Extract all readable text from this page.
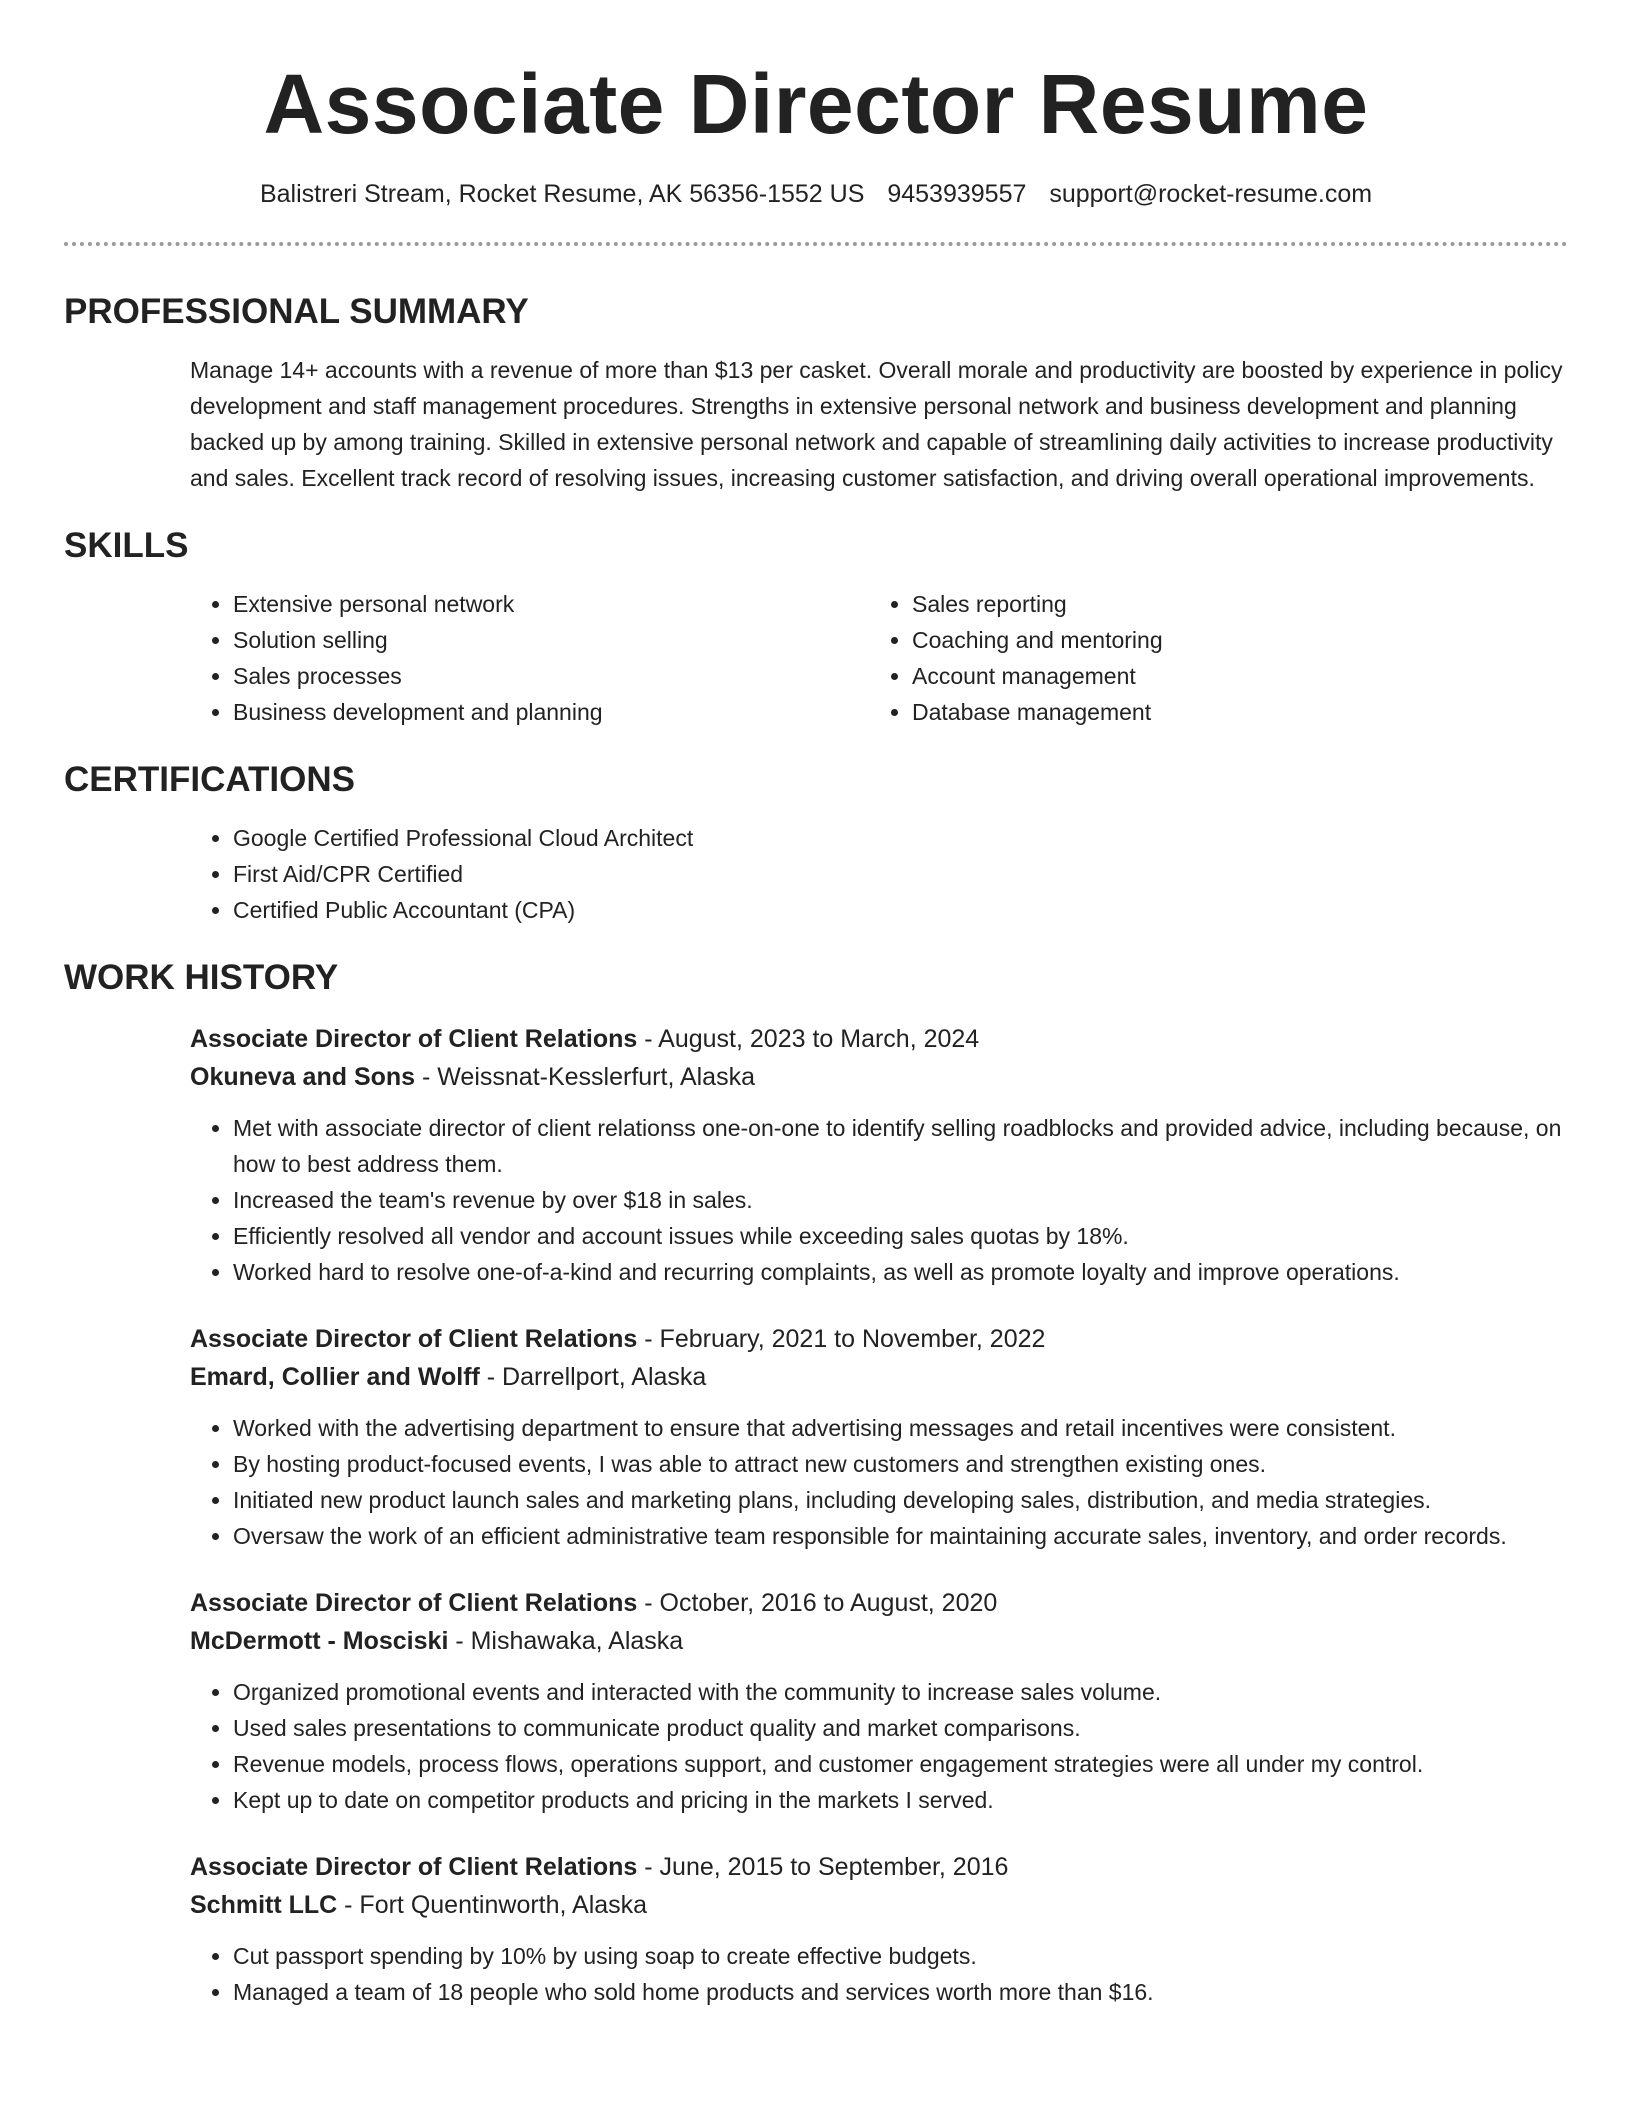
Associate Director Resume
Balistreri Stream, Rocket Resume, AK 56356-1552 US 9453939557 support@rocket-resume.com
PROFESSIONAL SUMMARY

Manage 14+ accounts with a revenue of more than $13 per casket. Overall morale and productivity are boosted by experience in policy development and staff management procedures. Strengths in extensive personal network and business development and planning backed up by among training. Skilled in extensive personal network and capable of streamlining daily activities to increase productivity and sales. Excellent track record of resolving issues, increasing customer satisfaction, and driving overall operational improvements.

SKILLS
• Extensive personal network
• Solution selling
• Sales processes
• Business development and planning
• Sales reporting
• Coaching and mentoring
• Account management
• Database management
CERTIFICATIONS
• Google Certified Professional Cloud Architect
• First Aid/CPR Certified
• Certified Public Accountant (CPA)
WORK HISTORY
Associate Director of Client Relations - August, 2023 to March, 2024
Okuneva and Sons - Weissnat-Kesslerfurt, Alaska
• Met with associate director of client relationss one-on-one to identify selling roadblocks and provided advice, including because, on how to best address them.
• Increased the team's revenue by over $18 in sales.
• Efficiently resolved all vendor and account issues while exceeding sales quotas by 18%.
• Worked hard to resolve one-of-a-kind and recurring complaints, as well as promote loyalty and improve operations.
Associate Director of Client Relations - February, 2021 to November, 2022
Emard, Collier and Wolff - Darrellport, Alaska
• Worked with the advertising department to ensure that advertising messages and retail incentives were consistent.
• By hosting product-focused events, I was able to attract new customers and strengthen existing ones.
• Initiated new product launch sales and marketing plans, including developing sales, distribution, and media strategies.
• Oversaw the work of an efficient administrative team responsible for maintaining accurate sales, inventory, and order records.
Associate Director of Client Relations - October, 2016 to August, 2020
McDermott - Mosciski - Mishawaka, Alaska
• Organized promotional events and interacted with the community to increase sales volume.
• Used sales presentations to communicate product quality and market comparisons.
• Revenue models, process flows, operations support, and customer engagement strategies were all under my control.
• Kept up to date on competitor products and pricing in the markets I served.
Associate Director of Client Relations - June, 2015 to September, 2016
Schmitt LLC - Fort Quentinworth, Alaska
• Cut passport spending by 10% by using soap to create effective budgets.
• Managed a team of 18 people who sold home products and services worth more than $16.
